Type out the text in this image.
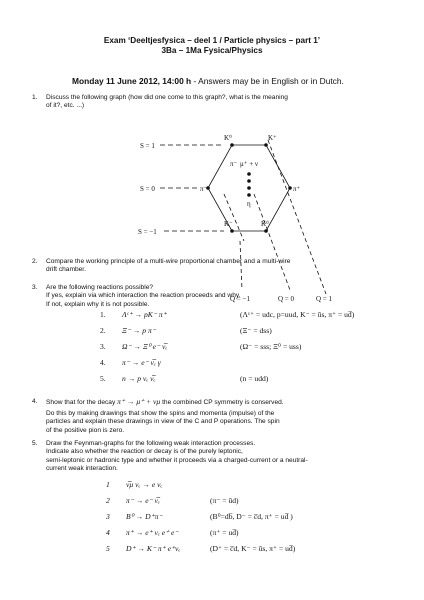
Exam ‘Deeltjesfysica – deel 1 / Particle physics – part 1’
3Ba – 1Ma Fysica/Physics
Monday 11 June 2012, 14:00 h - Answers may be in English or in Dutch.
1. Discuss the following graph (how did one come to this graph?, what is the meaning
of it?, etc. ...)
S = 1
S = 0
S = −1
K⁰	K⁺
π⁻ μ⁺ + ν
π⁻
η
π⁺
K⁻	K̄⁰
Q = −1	Q = 0	Q = 1
2. Compare the working principle of a multi-wire proportional chamber and a multi-wire
drift chamber.
3. Are the following reactions possible?
If yes, explain via which interaction the reaction proceeds and why.
If not, explain why it is not possible.
1. Λᶜ⁺ → pK⁻ π⁺	(Λᶜ⁺ = udc, p=uud, K⁻ = ūs, π⁺ = ud̅)
2. Ξ⁻ → p π⁻	(Ξ⁻ = dss)
3. Ω⁻ → Ξ⁰ e⁻ ν̅ₑ	(Ω⁻ = sss; Ξ⁰ = uss)
4. π⁻ → e⁻ ν̅ₑ γ
5. n → p νₑ ν̅ₑ	(n = udd)
4. Show that for the decay π⁺ → μ⁺ + νμ the combined CP symmetry is conserved.
Do this by making drawings that show the spins and momenta (impulse) of the
particles and explain these drawings in view of the C and P operations. The spin
of the positive pion is zero.
5. Draw the Feynman-graphs for the following weak interaction processes.
Indicate also whether the reaction or decay is of the purely leptonic,
semi-leptonic or hadronic type and whether it proceeds via a charged-current or a neutral-
current weak interaction.
1 ν̅μ νₑ → e νₑ
2 π⁻ → e⁻ ν̅ₑ	(π⁻ = ūd)
3 B⁰ → D⁺π⁻	(B⁰=db̅, D⁻ = c̅d, π⁺ = ud̅ )
4 π⁺ → e⁺ νₑ e⁺ e⁻	(π⁺ = ud̅)
5 D⁺ → K⁻ π⁺ e⁺νₑ	(D⁺ = c̅d, K⁻ = ūs, π⁺ = ud̅)
